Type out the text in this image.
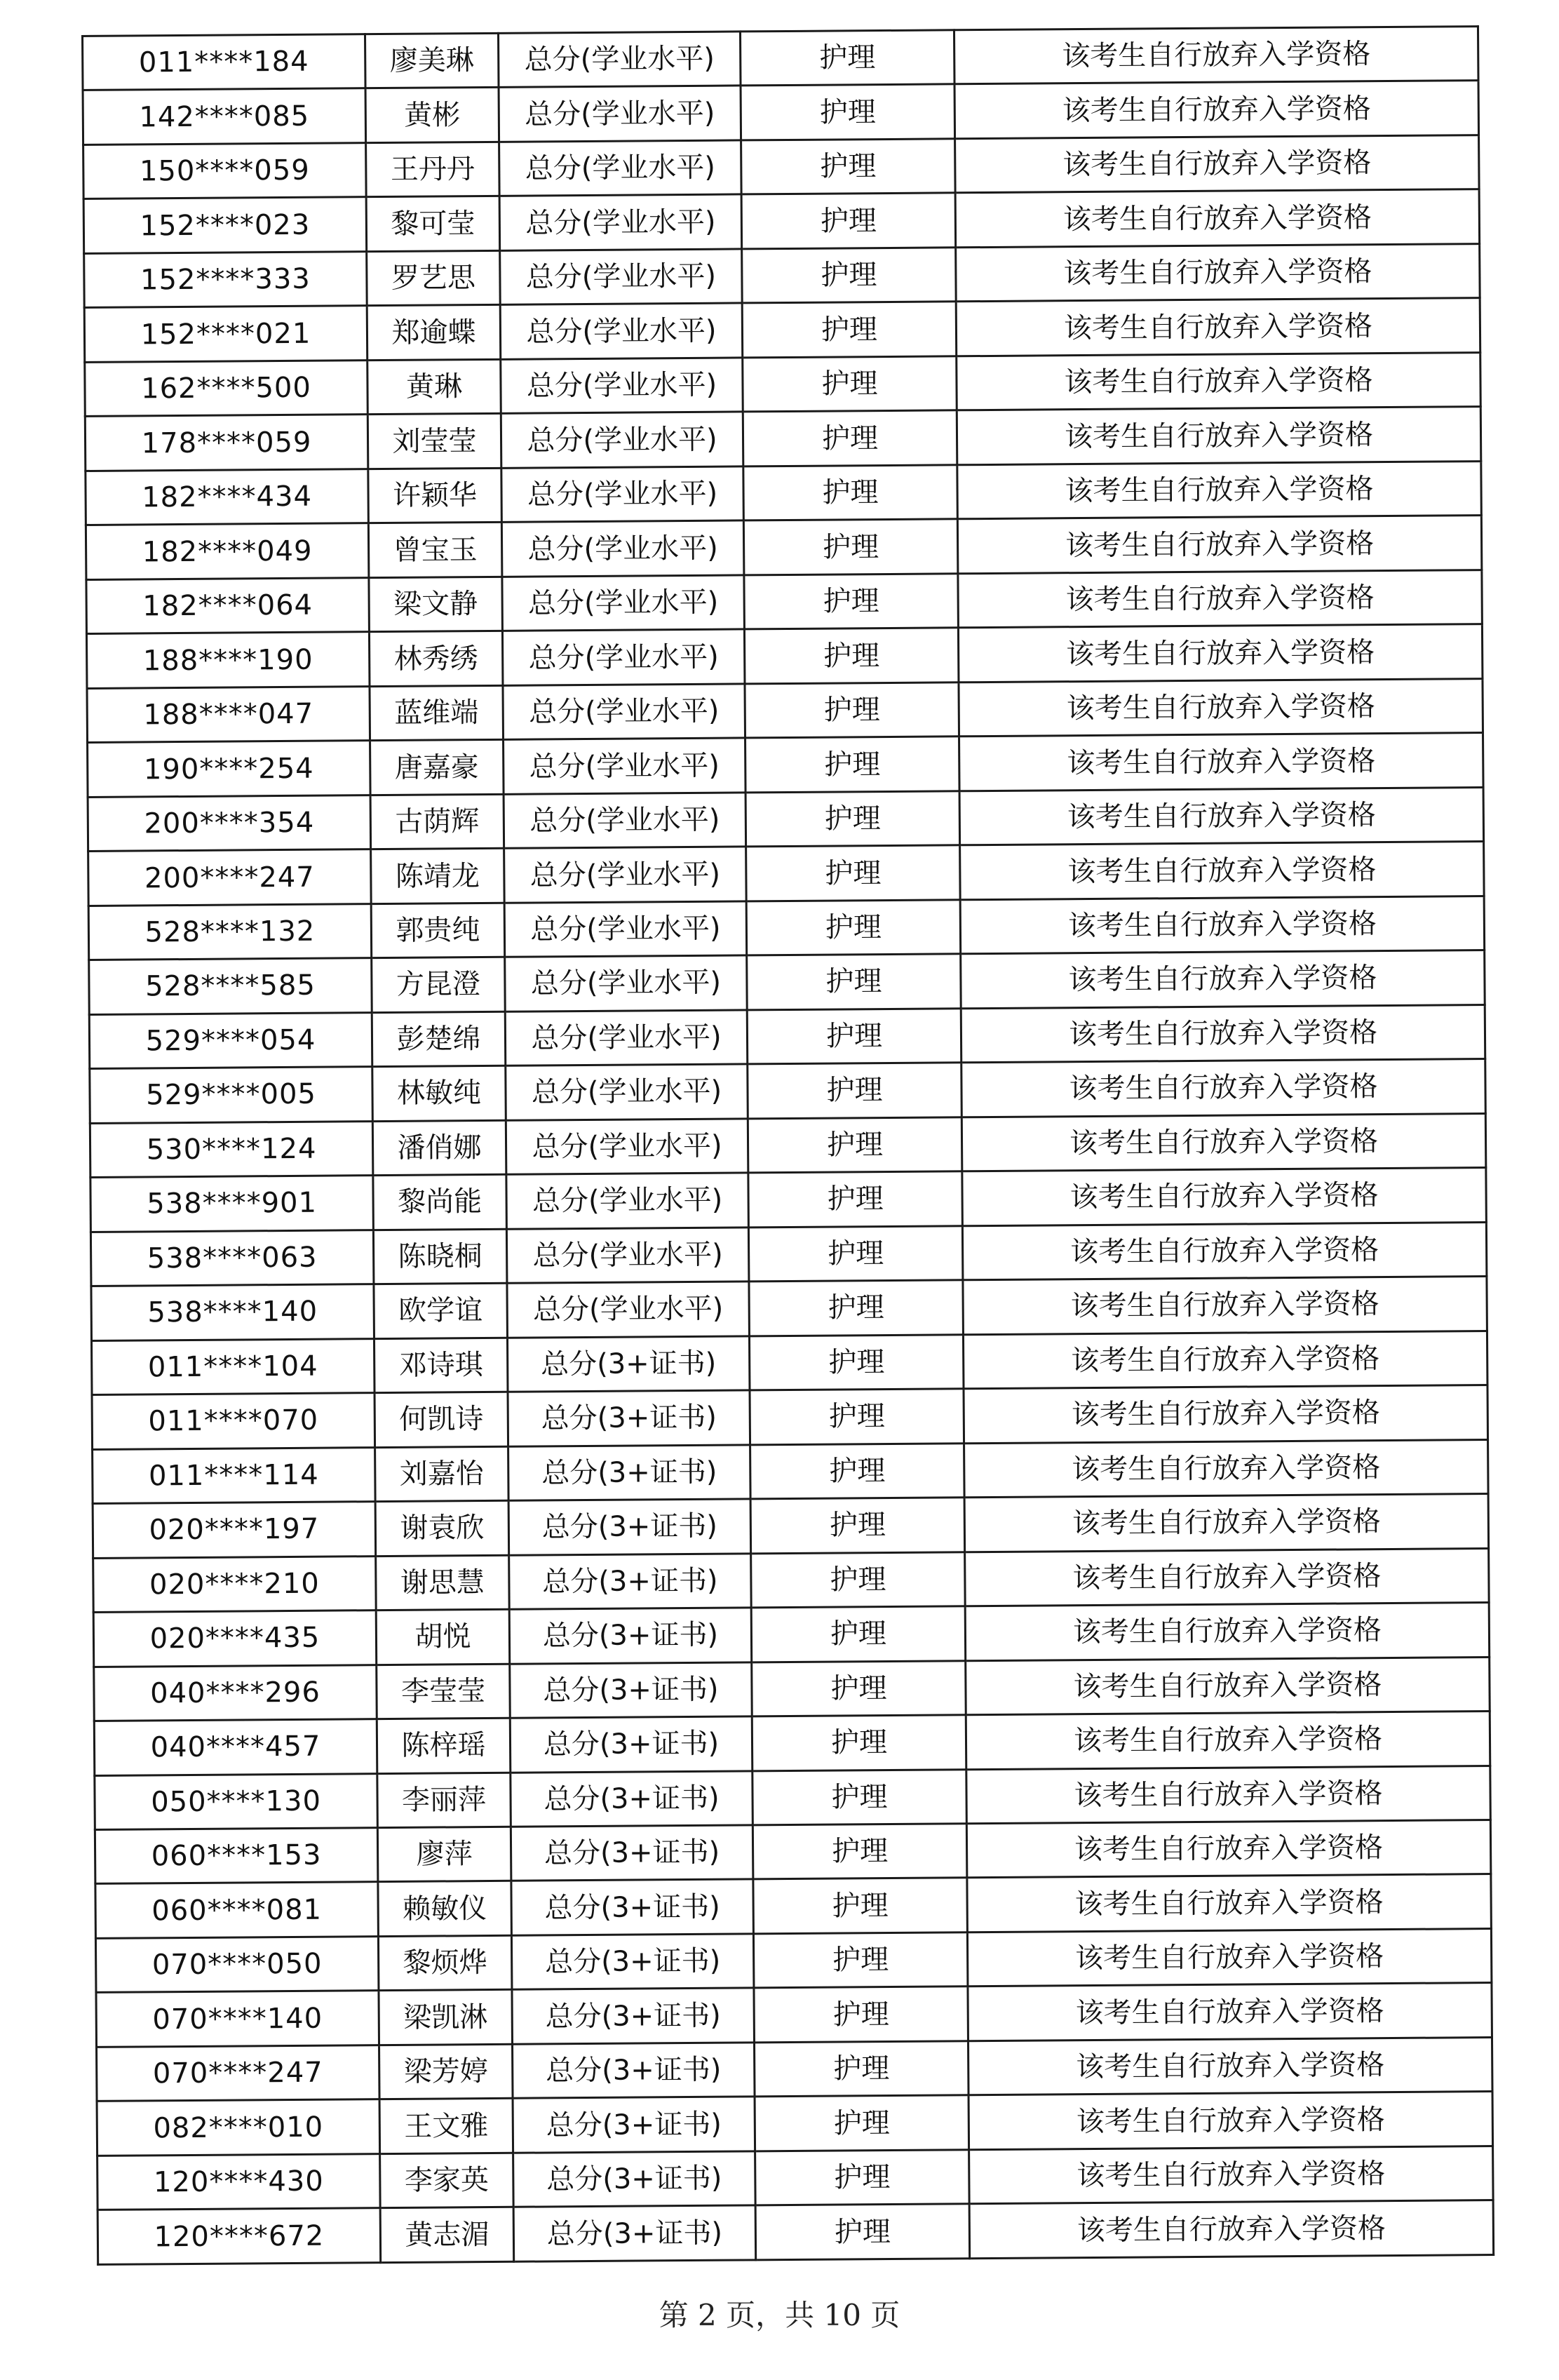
011****184	廖美琳	总分(学业水平)	护理	该考生自行放弃入学资格
142****085	黄彬	总分(学业水平)	护理	该考生自行放弃入学资格
150****059	王丹丹	总分(学业水平)	护理	该考生自行放弃入学资格
152****023	黎可莹	总分(学业水平)	护理	该考生自行放弃入学资格
152****333	罗艺思	总分(学业水平)	护理	该考生自行放弃入学资格
152****021	郑逾蝶	总分(学业水平)	护理	该考生自行放弃入学资格
162****500	黄琳	总分(学业水平)	护理	该考生自行放弃入学资格
178****059	刘莹莹	总分(学业水平)	护理	该考生自行放弃入学资格
182****434	许颖华	总分(学业水平)	护理	该考生自行放弃入学资格
182****049	曾宝玉	总分(学业水平)	护理	该考生自行放弃入学资格
182****064	梁文静	总分(学业水平)	护理	该考生自行放弃入学资格
188****190	林秀绣	总分(学业水平)	护理	该考生自行放弃入学资格
188****047	蓝维端	总分(学业水平)	护理	该考生自行放弃入学资格
190****254	唐嘉豪	总分(学业水平)	护理	该考生自行放弃入学资格
200****354	古荫辉	总分(学业水平)	护理	该考生自行放弃入学资格
200****247	陈靖龙	总分(学业水平)	护理	该考生自行放弃入学资格
528****132	郭贵纯	总分(学业水平)	护理	该考生自行放弃入学资格
528****585	方昆澄	总分(学业水平)	护理	该考生自行放弃入学资格
529****054	彭楚绵	总分(学业水平)	护理	该考生自行放弃入学资格
529****005	林敏纯	总分(学业水平)	护理	该考生自行放弃入学资格
530****124	潘俏娜	总分(学业水平)	护理	该考生自行放弃入学资格
538****901	黎尚能	总分(学业水平)	护理	该考生自行放弃入学资格
538****063	陈晓桐	总分(学业水平)	护理	该考生自行放弃入学资格
538****140	欧学谊	总分(学业水平)	护理	该考生自行放弃入学资格
011****104	邓诗琪	总分(3+证书)	护理	该考生自行放弃入学资格
011****070	何凯诗	总分(3+证书)	护理	该考生自行放弃入学资格
011****114	刘嘉怡	总分(3+证书)	护理	该考生自行放弃入学资格
020****197	谢袁欣	总分(3+证书)	护理	该考生自行放弃入学资格
020****210	谢思慧	总分(3+证书)	护理	该考生自行放弃入学资格
020****435	胡悦	总分(3+证书)	护理	该考生自行放弃入学资格
040****296	李莹莹	总分(3+证书)	护理	该考生自行放弃入学资格
040****457	陈梓瑶	总分(3+证书)	护理	该考生自行放弃入学资格
050****130	李丽萍	总分(3+证书)	护理	该考生自行放弃入学资格
060****153	廖萍	总分(3+证书)	护理	该考生自行放弃入学资格
060****081	赖敏仪	总分(3+证书)	护理	该考生自行放弃入学资格
070****050	黎烦烨	总分(3+证书)	护理	该考生自行放弃入学资格
070****140	梁凯淋	总分(3+证书)	护理	该考生自行放弃入学资格
070****247	梁芳婷	总分(3+证书)	护理	该考生自行放弃入学资格
082****010	王文雅	总分(3+证书)	护理	该考生自行放弃入学资格
120****430	李家英	总分(3+证书)	护理	该考生自行放弃入学资格
120****672	黄志湄	总分(3+证书)	护理	该考生自行放弃入学资格
第 2 页，共 10 页
